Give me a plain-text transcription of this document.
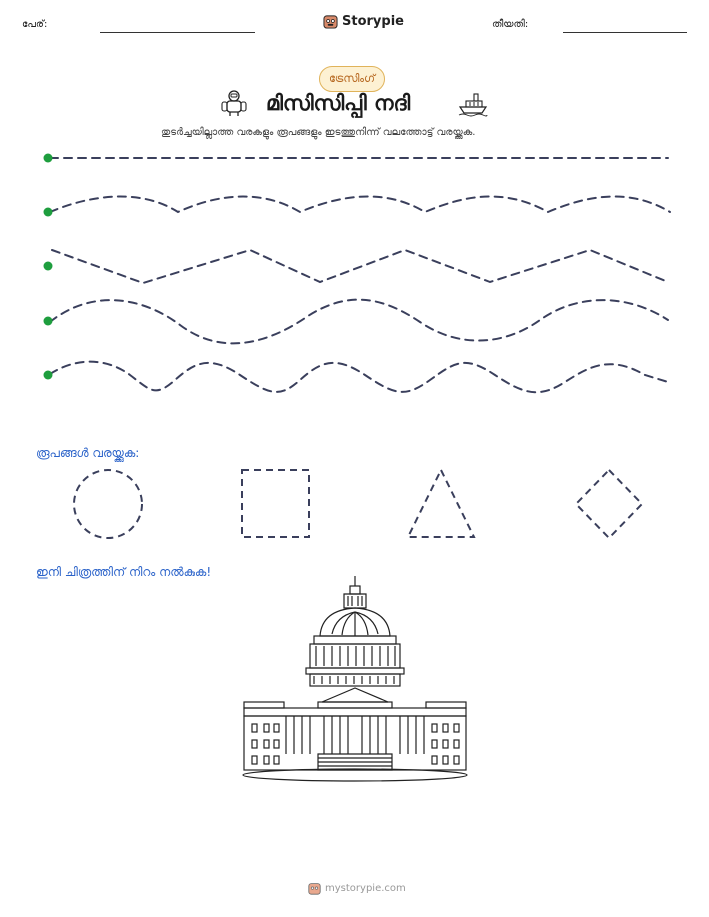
പേര്:	Storypie	തീയതി:
ട്രേസിംഗ്
മിസിസിപ്പി നദി
തുടർച്ചയില്ലാത്ത വരകളും രൂപങ്ങളും ഇടത്തുനിന്ന് വലത്തോട്ട് വരയ്ക്കുക.
രൂപങ്ങൾ വരയ്ക്കുക:
ഇനി ചിത്രത്തിന് നിറം നൽകുക!
mystorypie.com
